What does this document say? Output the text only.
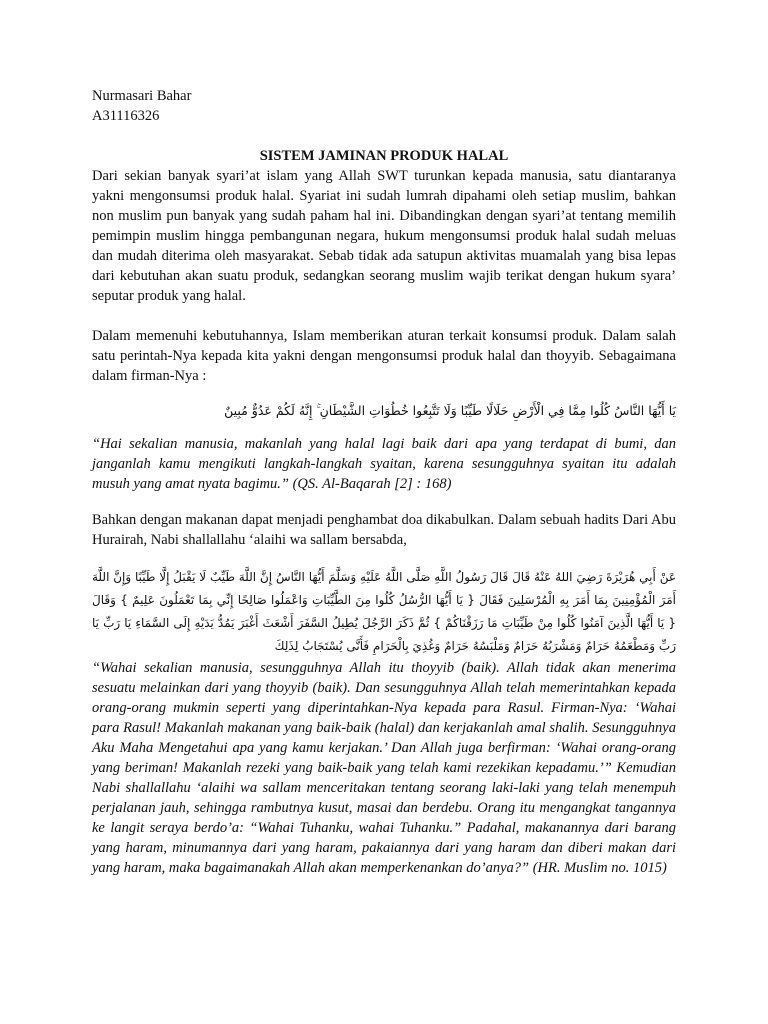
Nurmasari Bahar

A31116326

SISTEM JAMINAN PRODUK HALAL

Dari sekian banyak syari’at islam yang Allah SWT turunkan kepada manusia, satu diantaranya yakni mengonsumsi produk halal. Syariat ini sudah lumrah dipahami oleh setiap muslim, bahkan non muslim pun banyak yang sudah paham hal ini. Dibandingkan dengan syari’at tentang memilih pemimpin muslim hingga pembangunan negara, hukum mengonsumsi produk halal sudah meluas dan mudah diterima oleh masyarakat. Sebab tidak ada satupun aktivitas muamalah yang bisa lepas dari kebutuhan akan suatu produk, sedangkan seorang muslim wajib terikat dengan hukum syara’ seputar produk yang halal.

Dalam memenuhi kebutuhannya, Islam memberikan aturan terkait konsumsi produk. Dalam salah satu perintah-Nya kepada kita yakni dengan mengonsumsi produk halal dan thoyyib. Sebagaimana dalam firman-Nya :

يَا أَيُّهَا النَّاسُ كُلُوا مِمَّا فِي الْأَرْضِ حَلَالًا طَيِّبًا وَلَا تَتَّبِعُوا خُطُوَاتِ الشَّيْطَانِ ۚ إِنَّهُ لَكُمْ عَدُوٌّ مُبِينٌ

“Hai sekalian manusia, makanlah yang halal lagi baik dari apa yang terdapat di bumi, dan janganlah kamu mengikuti langkah-langkah syaitan, karena sesungguhnya syaitan itu adalah musuh yang amat nyata bagimu.” (QS. Al-Baqarah [2] : 168)

Bahkan dengan makanan dapat menjadi penghambat doa dikabulkan. Dalam sebuah hadits Dari Abu Hurairah, Nabi shallallahu ‘alaihi wa sallam bersabda,

عَنْ أَبِي هُرَيْرَةَ رَضِيَ اللهُ عَنْهُ قَالَ قَالَ رَسُولُ اللَّهِ صَلَّى اللَّهُ عَلَيْهِ وَسَلَّمَ أَيُّهَا النَّاسُ إِنَّ اللَّهَ طَيِّبٌ لَا يَقْبَلُ إِلَّا طَيِّبًا وَإِنَّ اللَّهَ أَمَرَ الْمُؤْمِنِينَ بِمَا أَمَرَ بِهِ الْمُرْسَلِينَ فَقَالَ { يَا أَيُّهَا الرُّسُلُ كُلُوا مِنَ الطَّيِّبَاتِ وَاعْمَلُوا صَالِحًا إِنِّي بِمَا تَعْمَلُونَ عَلِيمٌ } وَقَالَ { يَا أَيُّهَا الَّذِينَ آمَنُوا كُلُوا مِنْ طَيِّبَاتِ مَا رَزَقْنَاكُمْ } ثُمَّ ذَكَرَ الرَّجُلَ يُطِيلُ السَّفَرَ أَشْعَثَ أَغْبَرَ يَمُدُّ يَدَيْهِ إِلَى السَّمَاءِ يَا رَبِّ يَا رَبِّ وَمَطْعَمُهُ حَرَامٌ وَمَشْرَبُهُ حَرَامٌ وَمَلْبَسُهُ حَرَامٌ وَغُذِيَ بِالْحَرَامِ فَأَنَّى يُسْتَجَابُ لِذَلِكَ

“Wahai sekalian manusia, sesungguhnya Allah itu thoyyib (baik). Allah tidak akan menerima sesuatu melainkan dari yang thoyyib (baik). Dan sesungguhnya Allah telah memerintahkan kepada orang-orang mukmin seperti yang diperintahkan-Nya kepada para Rasul. Firman-Nya: ‘Wahai para Rasul! Makanlah makanan yang baik-baik (halal) dan kerjakanlah amal shalih. Sesungguhnya Aku Maha Mengetahui apa yang kamu kerjakan.’ Dan Allah juga berfirman: ‘Wahai orang-orang yang beriman! Makanlah rezeki yang baik-baik yang telah kami rezekikan kepadamu.’” Kemudian Nabi shallallahu ‘alaihi wa sallam menceritakan tentang seorang laki-laki yang telah menempuh perjalanan jauh, sehingga rambutnya kusut, masai dan berdebu. Orang itu mengangkat tangannya ke langit seraya berdo’a: “Wahai Tuhanku, wahai Tuhanku.” Padahal, makanannya dari barang yang haram, minumannya dari yang haram, pakaiannya dari yang haram dan diberi makan dari yang haram, maka bagaimanakah Allah akan memperkenankan do’anya?” (HR. Muslim no. 1015)
